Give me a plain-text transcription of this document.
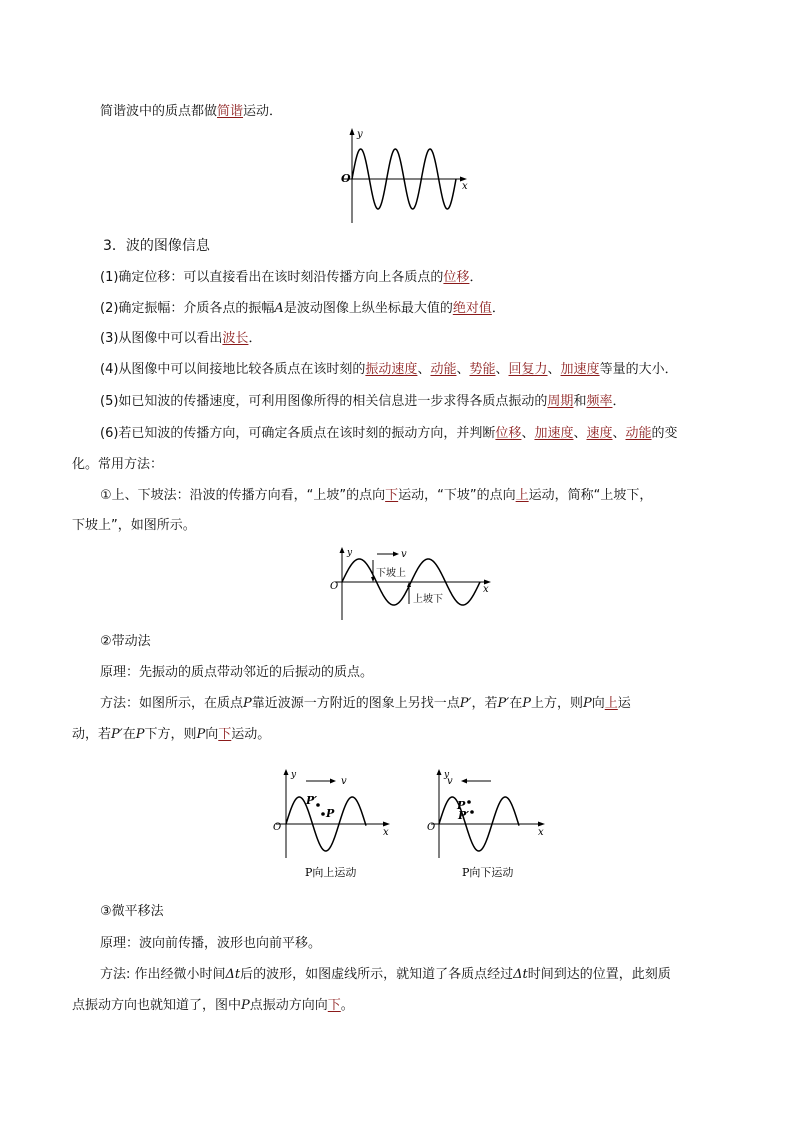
简谐波中的质点都做简谐运动．
y
x
O
3．波的图像信息
(1)确定位移：可以直接看出在该时刻沿传播方向上各质点的位移．
(2)确定振幅：介质各点的振幅A是波动图像上纵坐标最大值的绝对值．
(3)从图像中可以看出波长．
(4)从图像中可以间接地比较各质点在该时刻的振动速度、动能、势能、回复力、加速度等量的大小．
(5)如已知波的传播速度，可利用图像所得的相关信息进一步求得各质点振动的周期和频率．
(6)若已知波的传播方向，可确定各质点在该时刻的振动方向，并判断位移、加速度、速度、动能的变
化。常用方法：
①上、下坡法：沿波的传播方向看，“上坡”的点向下运动，“下坡”的点向上运动，简称“上坡下，
下坡上”，如图所示。
v
下坡上
上坡下
y
x
O
②带动法
原理：先振动的质点带动邻近的后振动的质点。
方法：如图所示，在质点P靠近波源一方附近的图象上另找一点P′，若P′在P上方，则P向上运
动，若P′在P下方，则P向下运动。
v
P′
P
y
x
O
P向上运动
v
P
P′
y
x
O
P向下运动
③微平移法
原理：波向前传播，波形也向前平移。
方法: 作出经微小时间Δt后的波形，如图虚线所示，就知道了各质点经过Δt时间到达的位置，此刻质
点振动方向也就知道了，图中P点振动方向向下。
